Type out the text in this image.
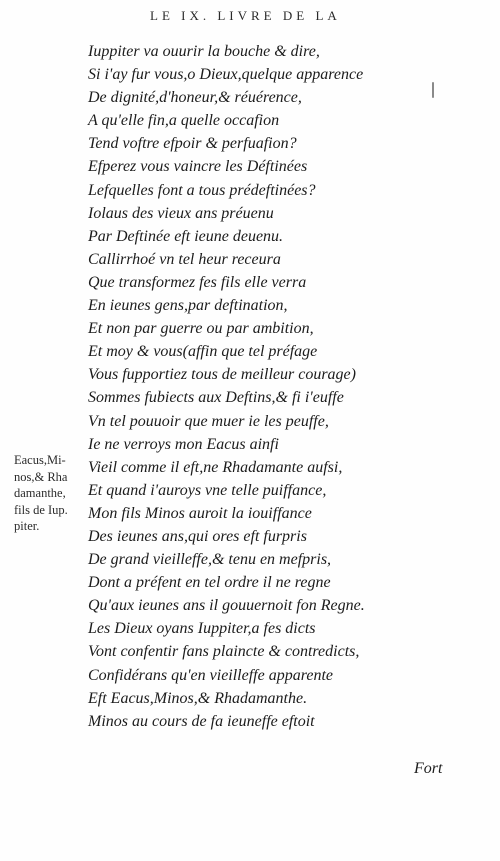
LE IX. LIVRE DE LA
Iuppiter va ouurir la bouche & dire,
Si i'ay fur vous,o Dieux,quelque apparence
De dignité,d'honeur,& réuérence,
A qu'elle fin,a quelle occafion
Tend voftre efpoir & perfuafion?
Efperez vous vaincre les Déftinées
Lefquelles font a tous prédeftinées?
Iolaus des vieux ans préuenu
Par Deftinée eft ieune deuenu.
Callirrhoé vn tel heur receura
Que transformez fes fils elle verra
En ieunes gens,par deftination,
Et non par guerre ou par ambition,
Et moy & vous(affin que tel préfage
Vous fupportiez tous de meilleur courage)
Sommes fubiects aux Deftins,& fi i'euffe
Vn tel pouuoir que muer ie les peuffe,
Ie ne verroys mon Eacus ainfi
Vieil comme il eft,ne Rhadamante aufsi,
Et quand i'auroys vne telle puiffance,
Mon fils Minos auroit la iouiffance
Des ieunes ans,qui ores eft furpris
De grand vieilleffe,& tenu en mefpris,
Dont a préfent en tel ordre il ne regne
Qu'aux ieunes ans il gouuernoit fon Regne.
Les Dieux oyans Iuppiter,a fes dicts
Vont confentir fans plaincte & contredicts,
Confidérans qu'en vieilleffe apparente
Eft Eacus,Minos,& Rhadamanthe.
Minos au cours de fa ieuneffe eftoit
Eacus,Mi-
nos,& Rha
damanthe,
fils de Iup.
piter.
Fort
